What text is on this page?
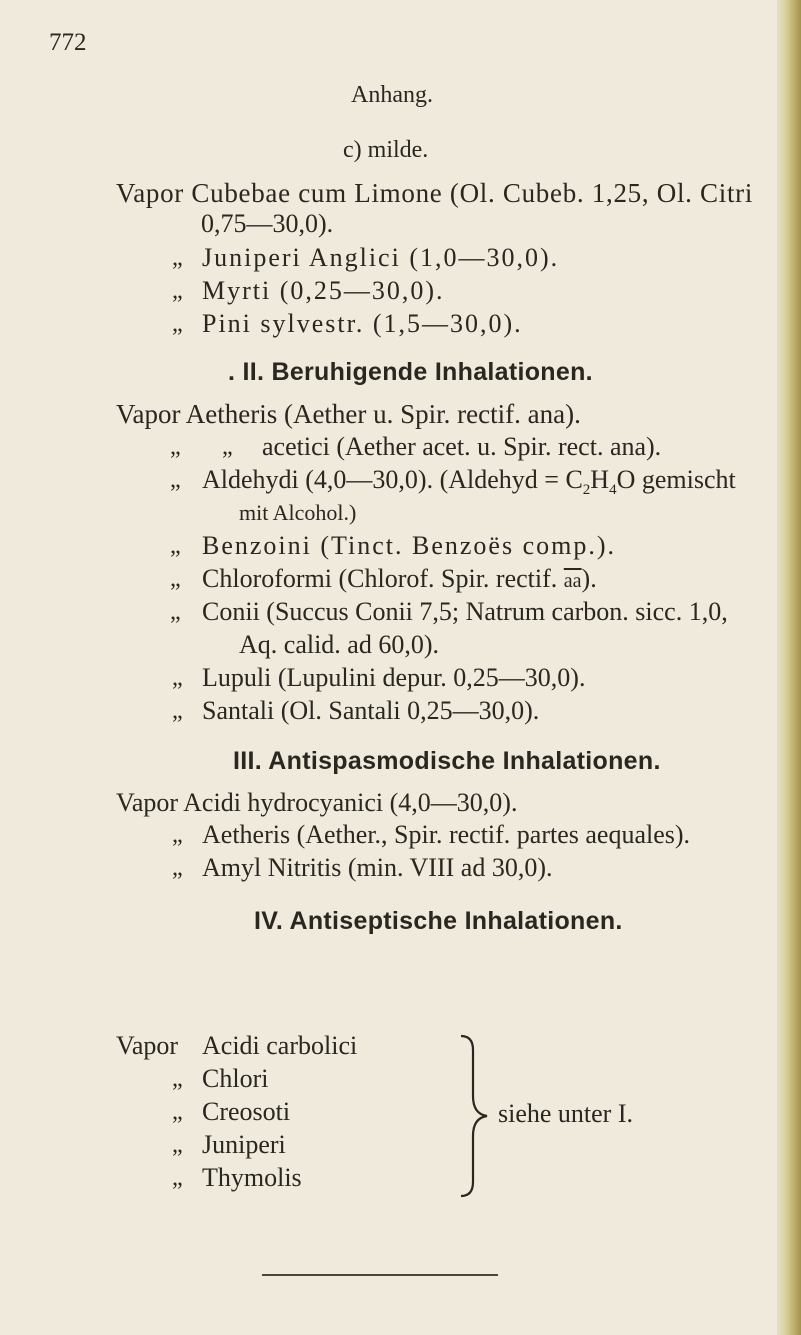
772
Anhang.
c) milde.
Vapor Cubebae cum Limone (Ol. Cubeb. 1,25, Ol. Citri
0,75—30,0).
„ Juniperi Anglici (1,0—30,0).
„ Myrti (0,25—30,0).
„ Pini sylvestr. (1,5—30,0).
. II. Beruhigende Inhalationen.
Vapor Aetheris (Aether u. Spir. rectif. ana).
„ „ acetici (Aether acet. u. Spir. rect. ana).
„ Aldehydi (4,0—30,0). (Aldehyd = $C_2H_4O$ gemischt
mit Alcohol.)
„ Benzoini (Tinct. Benzoës comp.).
„ Chloroformi (Chlorof. Spir. rectif. $\overline{aa}$).
„ Conii (Succus Conii 7,5; Natrum carbon. sicc. 1,0,
Aq. calid. ad 60,0).
„ Lupuli (Lupulini depur. 0,25—30,0).
„ Santali (Ol. Santali 0,25—30,0).
III. Antispasmodische Inhalationen.
Vapor Acidi hydrocyanici (4,0—30,0).
„ Aetheris (Aether., Spir. rectif. partes aequales).
„ Amyl Nitritis (min. VIII ad 30,0).
IV. Antiseptische Inhalationen.
Vapor Acidi carbolici
„ Chlori
„ Creosoti
„ Juniperi
„ Thymolis
siehe unter I.
